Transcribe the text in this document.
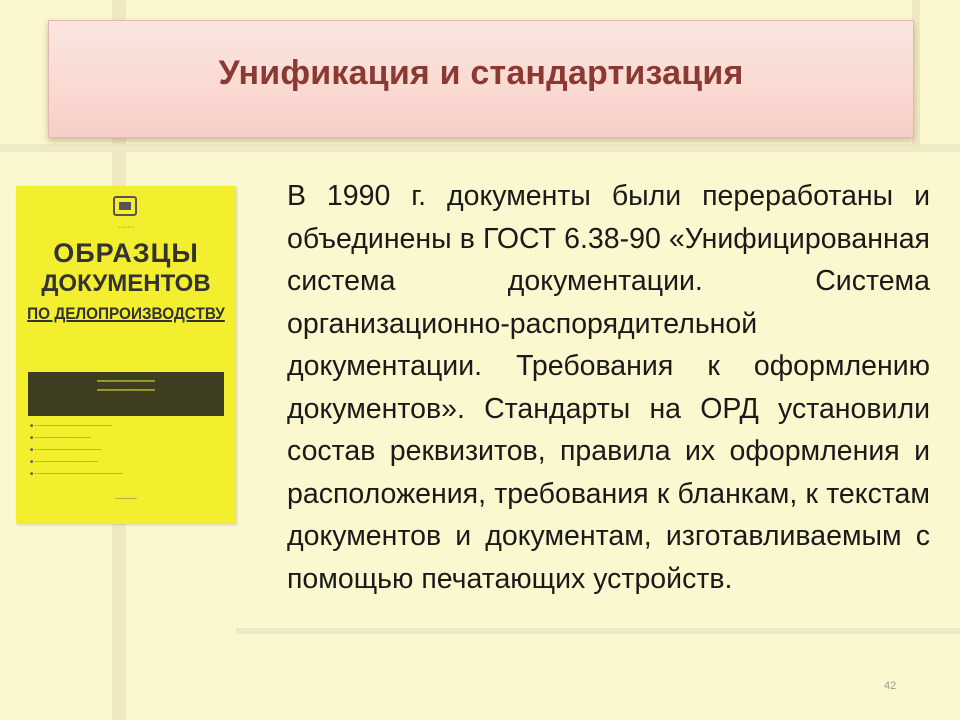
Унификация и стандартизация
·······
ОБРАЗЦЫ
ДОКУМЕНТОВ
ПО ДЕЛОПРОИЗВОДСТВУ
━━━━━━━━━━━━━━━━
━━━━━━━━━━━━━━━━
■ ──────────────────────
■ ────────────────
■ ───────────────────
■ ──────────────────
■ ─────────────────────────
─────

В 1990 г. документы были переработаны и объединены в ГОСТ 6.38-90 «Унифицированная система документации. Система организационно-распорядительной документации. Требования к оформлению документов». Стандарты на ОРД установили состав реквизитов, правила их оформления и расположения, требования к бланкам, к текстам документов и документам, изготавливаемым с помощью печатающих устройств.

42
